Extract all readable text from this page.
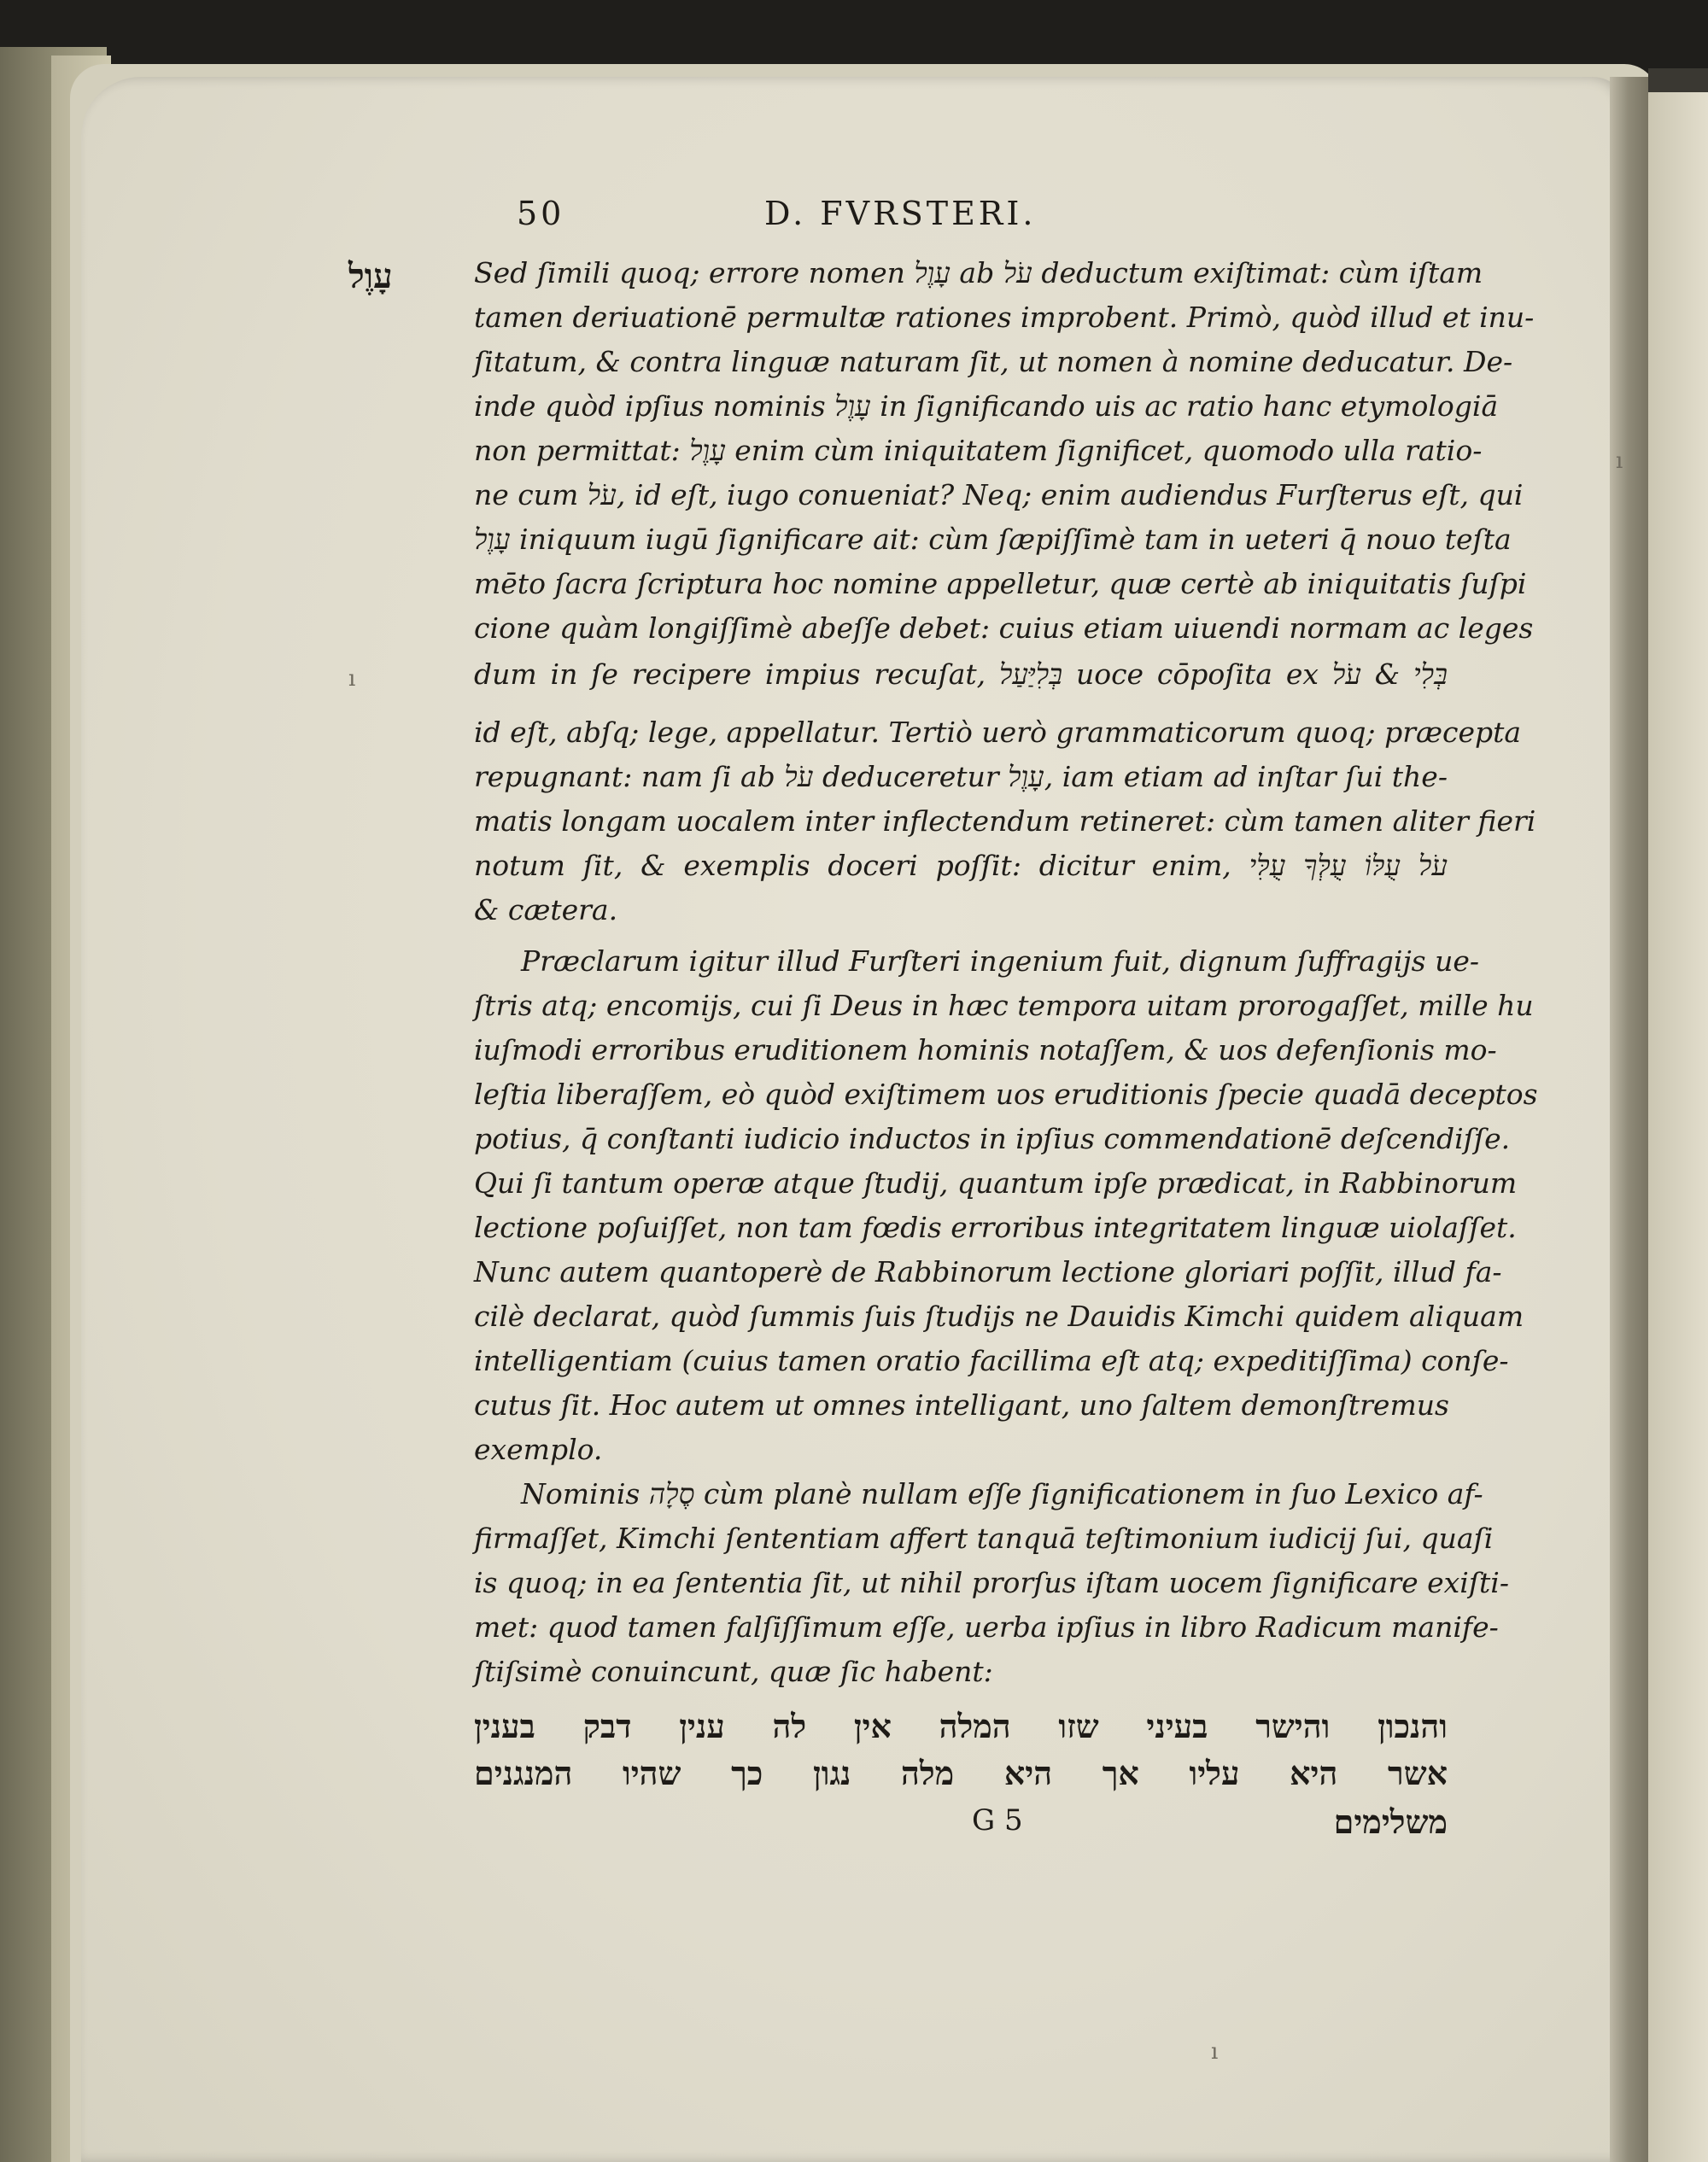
50	D. FVRSTERI.

עָוֶל	Sed ſimili quoq; errore nomen עָוֶל ab עֹל deductum exiſtimat: cùm iſtam

tamen deriuationē permultæ rationes improbent. Primò, quòd illud et inu-

ſitatum, & contra linguæ naturam ſit, ut nomen à nomine deducatur. De-

inde quòd ipſius nominis עָוֶל in ſignificando uis ac ratio hanc etymologiā

non permittat: עָוֶל enim cùm iniquitatem ſignificet, quomodo ulla ratio-

ne cum עֹל, id eſt, iugo conueniat? Neq; enim audiendus Furſterus eſt, qui

עָוֶל iniquum iugū ſignificare ait: cùm ſæpiſſimè tam in ueteri q̄ nouo teſta

mēto ſacra ſcriptura hoc nomine appelletur, quæ certè ab iniquitatis ſuſpi

cione quàm longiſſimè abeſſe debet: cuius etiam uiuendi normam ac leges

dum in ſe recipere impius recuſat, בְּלִיַּעַל uoce cōpoſita ex בְּלִי & עֹל

id eſt, abſq; lege, appellatur. Tertiò uerò grammaticorum quoq; præcepta

repugnant: nam ſi ab עֹל deduceretur עָוֶל, iam etiam ad inſtar ſui the-

matis longam uocalem inter inflectendum retineret: cùm tamen aliter fieri

notum ſit, & exemplis doceri poſſit: dicitur enim, עֹל עֻלּוֹ עֻלְּךָ עֻלִּי

& cætera.

Præclarum igitur illud Furſteri ingenium fuit, dignum ſuffragijs ue-

ſtris atq; encomijs, cui ſi Deus in hæc tempora uitam prorogaſſet, mille hu

iuſmodi erroribus eruditionem hominis notaſſem, & uos defenſionis mo-

leſtia liberaſſem, eò quòd exiſtimem uos eruditionis ſpecie quadā deceptos

potius, q̄ conſtanti iudicio inductos in ipſius commendationē deſcendiſſe.

Qui ſi tantum operæ atque ſtudij, quantum ipſe prædicat, in Rabbinorum

lectione poſuiſſet, non tam fœdis erroribus integritatem linguæ uiolaſſet.

Nunc autem quantoperè de Rabbinorum lectione gloriari poſſit, illud fa-

cilè declarat, quòd ſummis ſuis ſtudijs ne Dauidis Kimchi quidem aliquam

intelligentiam (cuius tamen oratio facillima eſt atq; expeditiſſima) conſe-

cutus ſit. Hoc autem ut omnes intelligant, uno ſaltem demonſtremus

exemplo.

Nominis סֶלָה cùm planè nullam eſſe ſignificationem in ſuo Lexico af-

firmaſſet, Kimchi ſententiam affert tanquā teſtimonium iudicij ſui, quaſi

is quoq; in ea ſententia ſit, ut nihil prorſus iſtam uocem ſignificare exiſti-

met: quod tamen falſiſſimum eſſe, uerba ipſius in libro Radicum manife-

ſtiſsimè conuincunt, quæ ſic habent:

והנכון והישר בעיני שזו המלה אין לה ענין דבק בענין

אשר היא עליו אך היא מלה נגון כך שהיו המנגנים

משלימים

G 5

ı
ı
ı
